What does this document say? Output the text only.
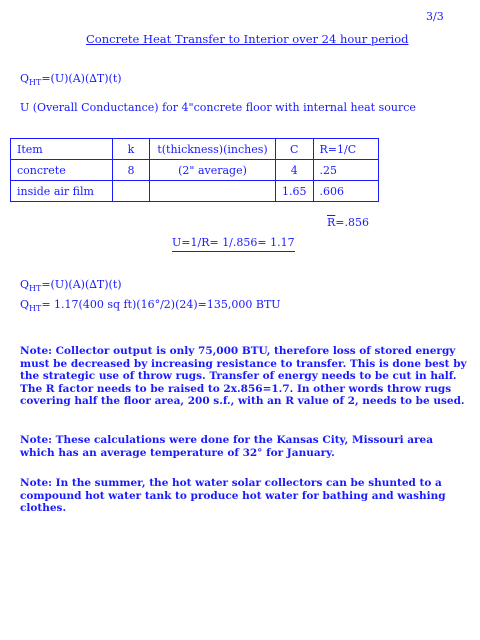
3/3
Concrete Heat Transfer to Interior over 24 hour period
$Q_{HT}=(U)(A)(\Delta T)(t)$
U (Overall Conductance) for 4"concrete floor with internal heat source
Item	k	t(thickness)(inches)	C	R=1/C
concrete	8	(2" average)	4	.25
inside air film			1.65	.606
$\overline{R}=.856$
U=1/R= 1/.856= 1.17
$Q_{HT}=(U)(A)(\Delta T)(t)$
$Q_{HT}= 1.17(400$ sq ft)(16°/2)(24)=135,000 BTU
Note: Collector output is only 75,000 BTU, therefore loss of stored energy must be decreased by increasing resistance to transfer. This is done best by the strategic use of throw rugs. Transfer of energy needs to be cut in half. The R factor needs to be raised to 2x.856=1.7. In other words throw rugs covering half the floor area, 200 s.f., with an R value of 2, needs to be used.
Note: These calculations were done for the Kansas City, Missouri area which has an average temperature of 32° for January.
Note: In the summer, the hot water solar collectors can be shunted to a compound hot water tank to produce hot water for bathing and washing clothes.
